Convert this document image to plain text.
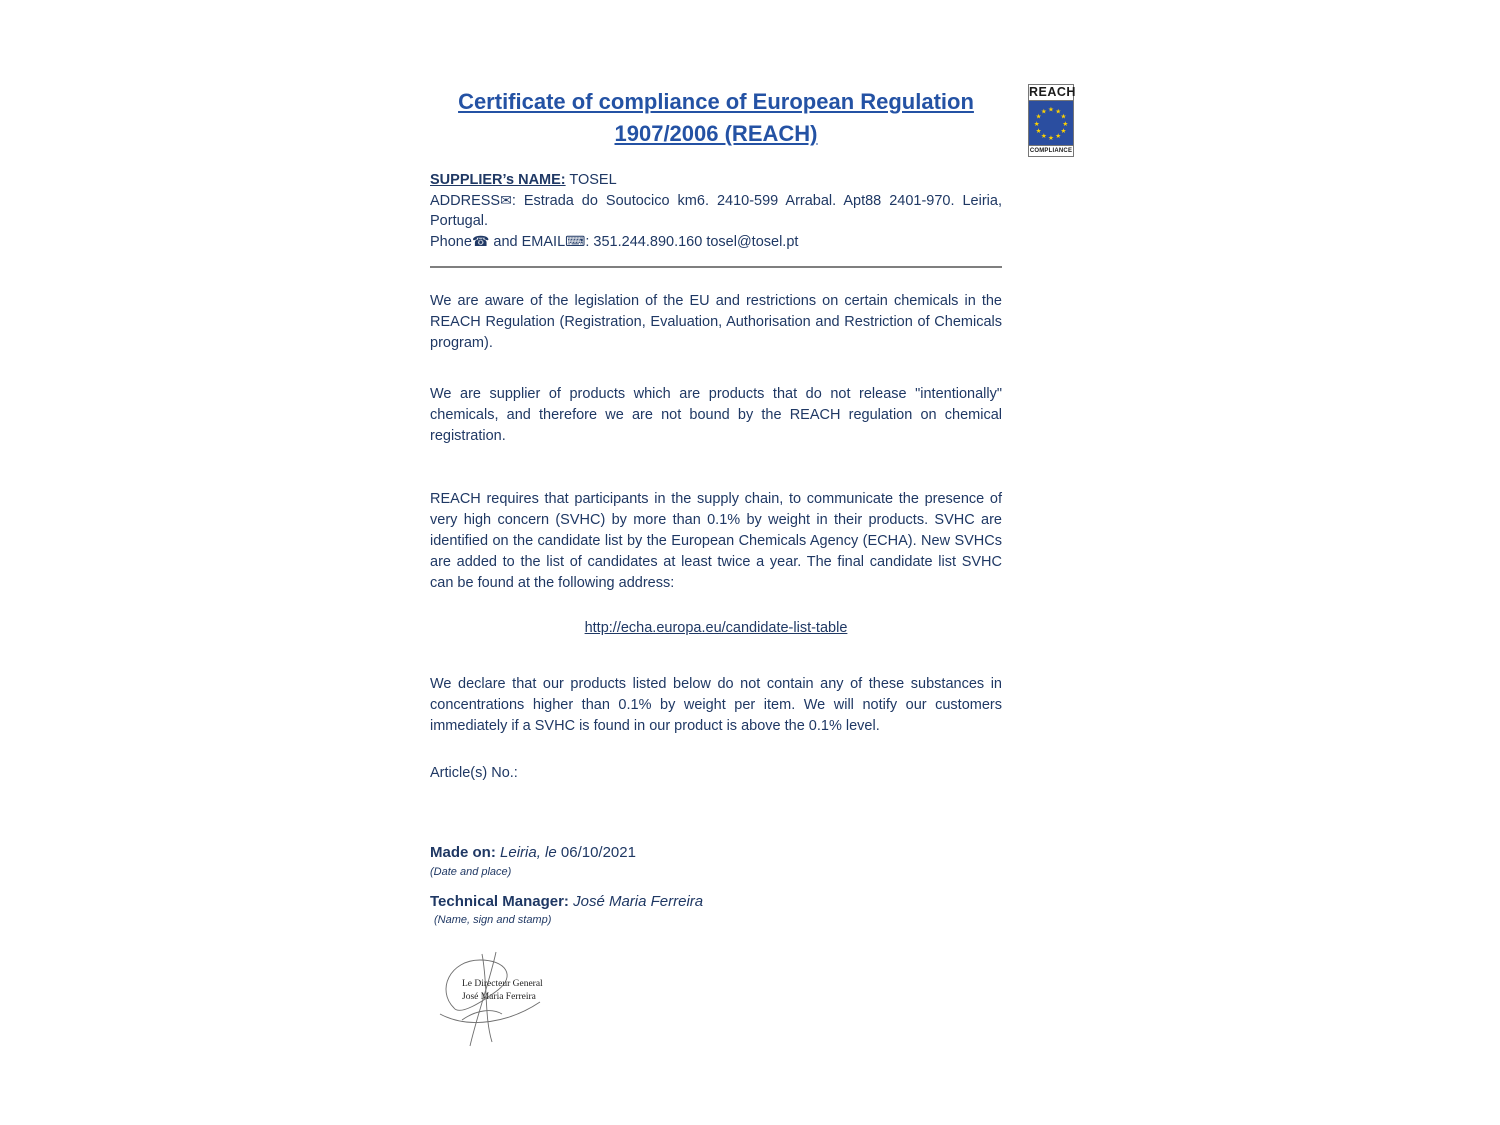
REACH
★ ★
★
★
★
★
★
★
★
★
★
★
COMPLIANCE
Certificate of compliance of European Regulation
1907/2006 (REACH)

SUPPLIER’s NAME: TOSEL

ADDRESS✉: Estrada do Soutocico km6. 2410-599 Arrabal. Apt88 2401-970. Leiria, Portugal.

Phone☎ and EMAIL⌨: 351.244.890.160 tosel@tosel.pt

We are aware of the legislation of the EU and restrictions on certain chemicals in the REACH Regulation (Registration, Evaluation, Authorisation and Restriction of Chemicals program).

We are supplier of products which are products that do not release "intentionally" chemicals, and therefore we are not bound by the REACH regulation on chemical registration.

REACH requires that participants in the supply chain, to communicate the presence of very high concern (SVHC) by more than 0.1% by weight in their products. SVHC are identified on the candidate list by the European Chemicals Agency (ECHA). New SVHCs are added to the list of candidates at least twice a year. The final candidate list SVHC can be found at the following address:

http://echa.europa.eu/candidate-list-table

We declare that our products listed below do not contain any of these substances in concentrations higher than 0.1% by weight per item. We will notify our customers immediately if a SVHC is found in our product is above the 0.1% level.

Article(s) No.:

Made on: Leiria, le 06/10/2021

(Date and place)

Technical Manager: José Maria Ferreira

(Name, sign and stamp)

Le Directeur General
José Maria Ferreira
